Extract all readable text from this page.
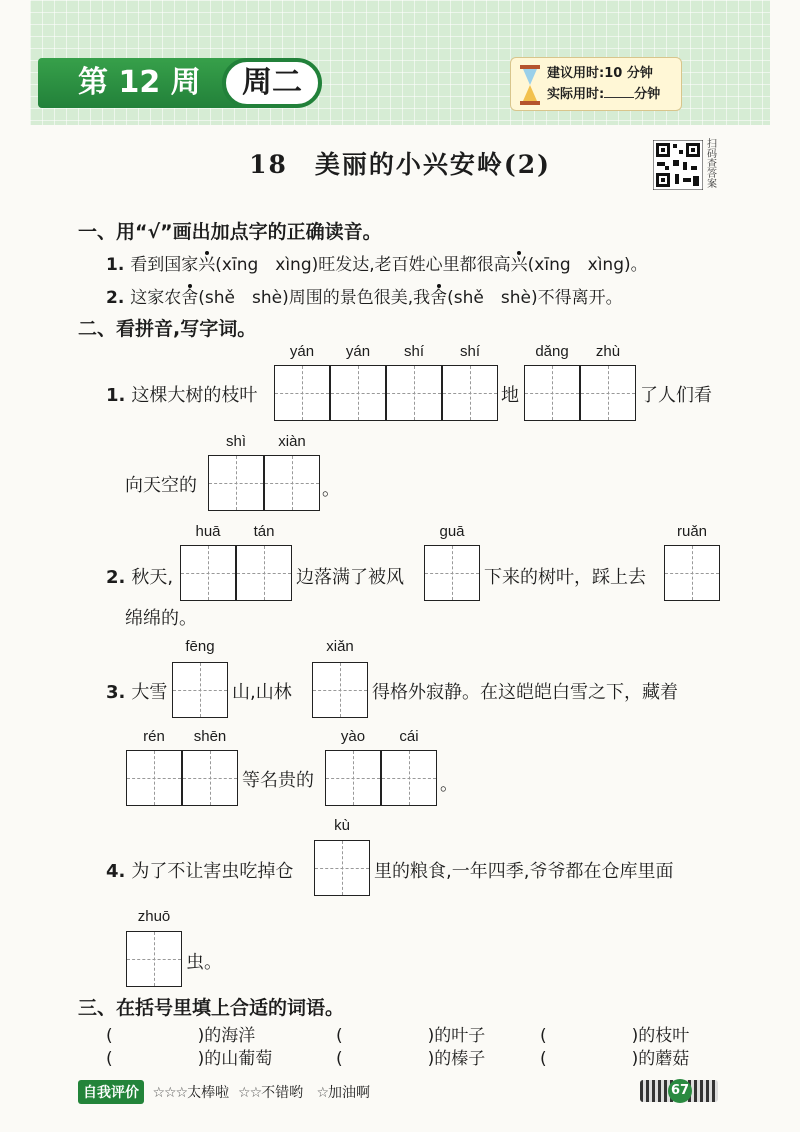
第 12 周	周二	建议用时:10 分钟
实际用时: 分钟
18　美丽的小兴安岭(2)
扫码查答案
一、用“√”画出加点字的正确读音。
1. 看到国家兴(xīng　xìng)旺发达,老百姓心里都很高兴(xīng　xìng)。
2. 这家农舍(shě　shè)周围的景色很美,我舍(shě　shè)不得离开。
二、看拼音,写字词。
1. 这棵大树的枝叶
yán	yán	shí	shí
地
dǎng	zhù
了人们看
向天空的
shì	xiàn
。
2. 秋天,
huā	tán
边落满了被风
guā
下来的树叶，踩上去
ruǎn
绵绵的。
3. 大雪
fēng
山,山林
xiǎn
得格外寂静。在这皑皑白雪之下，藏着
rén	shēn
等名贵的
yào	cái
。
4. 为了不让害虫吃掉仓
kù
里的粮食,一年四季,爷爷都在仓库里面
zhuō
虫。
三、在括号里填上合适的词语。
(　　　　　)的海洋	(　　　　　)的叶子	(　　　　　)的枝叶
(　　　　　)的山葡萄	(　　　　　)的榛子	(　　　　　)的蘑菇
自我评价 ☆☆☆太棒啦 ☆☆不错哟 ☆加油啊	67
